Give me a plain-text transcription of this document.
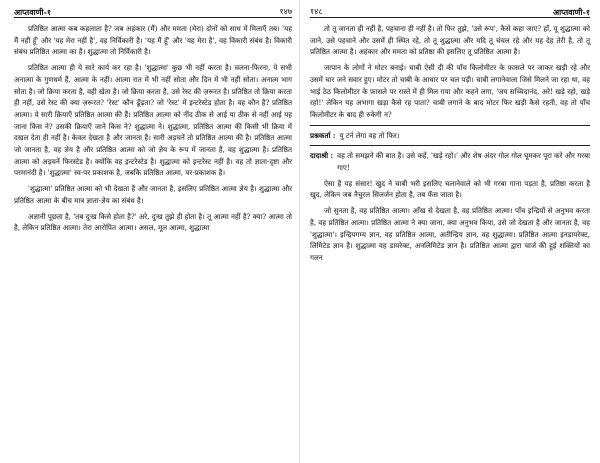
आप्तवाणी-१	१४७

प्रतिष्ठित आत्मा कब कहलाता है? जब अहंकार (मैं) और ममता (मेरा) दोनों को साथ में मिलाएँ तब। 'यह मैं नहीं हूँ' और 'यह मेरा नहीं है', वह निर्विकारी है। 'यह मैं हूँ' और 'यह मेरा है', वह विकारी संबंध है। विकारी संबंध प्रतिष्ठित आत्मा का है। शुद्धात्मा तो निर्विकारी है।

प्रतिष्ठित आत्मा ही ये सारे कार्य कर रहा है। 'शुद्धात्मा' कुछ भी नहीं करता है। चलना-फिरना, ये सभी अनात्मा के गुणधर्म हैं, आत्मा के नहीं। आत्मा रात में भी नहीं सोता और दिन में भी नहीं सोता। अनात्म भाग सोता है। जो क्रिया करता है, वही खेता है। जो क्रिया करता है, उसे रेस्ट की ज़रूरत है। प्रतिष्ठित तो क्रिया करता ही नहीं, उसे रेस्ट की क्या ज़रूरत? 'रेस्ट' कौन ढूँढ़ता? जो 'रेस्ट' में इन्टरेस्टेड होता है। वह कौन है? प्रतिष्ठित आत्मा। ये सारी क्रियाएँ प्रतिष्ठित आत्मा की हैं। प्रतिष्ठित आत्मा को नींद ठीक से आई या ठीक से नहीं आई यह जाना किस ने? उसकी क्रियाएँ जाने किस ने? शुद्धात्मा ने। शुद्धात्मा, प्रतिष्ठित आत्मा की किसी भी क्रिया में दखल देता ही नहीं है। केवल देखता है और जानता है। सारी अड़चनें तो प्रतिष्ठित आत्मा की है। प्रतिष्ठित आत्मा जो जानता है, वह ज्ञेय है और प्रतिष्ठित आत्मा को जो ज्ञेय के रूप में जानता है, वह शुद्धात्मा है। प्रतिष्ठित आत्मा को अड़चनें फिरस्टेड है। क्योंकि वह इन्टरेस्टेड है। शुद्धात्मा को इन्टरेस्ट नहीं है। वह तो ज्ञाता-दृष्टा और परमानंदी है। 'शुद्धात्मा' स्व-पर प्रकाशक है, जबकि प्रतिष्ठित आत्मा, पर-प्रकाशक है।

'शुद्धात्मा' प्रतिष्ठित आत्मा को भी देखता है और जानता है, इसलिए प्रतिष्ठित आत्मा ज्ञेय है। शुद्धात्मा और प्रतिष्ठित आत्मा के बीच मात्र ज्ञाता-ज्ञेय का संबंध है।

अज्ञानी पूछता है, 'तब दुःख किसे होता है?' अरे, दुःख तुझे ही होता है। तू आत्मा नहीं है? क्या? आत्मा तो है, लेकिन प्रतिष्ठित आत्मा। तेरा आरोपित आत्मा। असल, मूल आत्मा, शुद्धात्मा

१४८	आप्तवाणी-१

तो तू जानता ही नहीं है, पहचाना ही नहीं है। तो फिर तुझे, 'उसे रूप', कैसे कहा जाए? हाँ, यू शुद्धात्मा को जाने, उसे पहचाने और उसमें ही स्थित रहे, तो तू शुद्धात्मा और यदि तू चंचल रहे और यह देह तेरी है, तो तू प्रतिष्ठित आत्मा है। अहंकार और ममता को प्रतिष्ठा की इसलिए तू प्रतिष्ठित आत्मा है।

जापान के लोगों ने मोटर बनाई। चाबी ऐसी दी की पाँच किलोमीटर के फ़ासले पर जाकर खड़ी रहे और उसमें चार जने सवार हुए। मोटर तो चाबी के आधार पर चल पड़ी। चाबी लगानेवाला जिसे मिलने जा रहा था, वह भाई ठेठ किलोमीटर के फ़ासले पर रास्ते में ही मिल गया और कहने लगा, 'जय सच्चिदानंद, अरे! खड़े रहो, खड़े रहो!' लेकिन यह अभागा खड़ा कैसे रह पाता? चाबी लगाने के बाद मोटर फिर खड़ी कैसे रहती, वह तो पाँच किलोमीटर के बाद ही रुकेगी न?

प्रश्नकर्ता : यु टर्न लेगा वह तो फिर।
दादाश्री : वह तो समझने की बात है। उसे कहें, 'खड़े रहो।' और शेष अंदर गोल गोल घूमकर पूरा करे और गरबा गाए!

ऐसा है यह संसार! खुद ने चाबी भरी इसलिए चलानेवाले को भी गरबा गाना पड़ता है, प्रतिष्ठा करता है खुद, लेकिन जब नैचुरल सिलर्जन होता है, तब फँस जाता है।

जो सुनता है, वह प्रतिष्ठित आत्मा। आँख से देखता है, वह प्रतिष्ठित आत्मा। पाँच इन्द्रियों से अनुभव करता है, वह प्रतिष्ठित आत्मा। प्रतिष्ठित आत्मा ने क्या जाना, क्या अनुभव किया, उसे जो देखता है और जानता है, वह 'शुद्धात्मा'। इन्द्रियगम्य ज्ञान, वह प्रतिष्ठित आत्मा, अतीन्द्रिय ज्ञान, वह शुद्धात्मा। प्रतिष्ठित आत्मा इनडायरेक्ट, लिमिटेड ज्ञान है। शुद्धात्मा वह डायरेक्ट, अनलिमिटेड ज्ञान है। प्रतिष्ठित आत्मा द्वारा चार्ज की हुई शक्तियों का गलन
